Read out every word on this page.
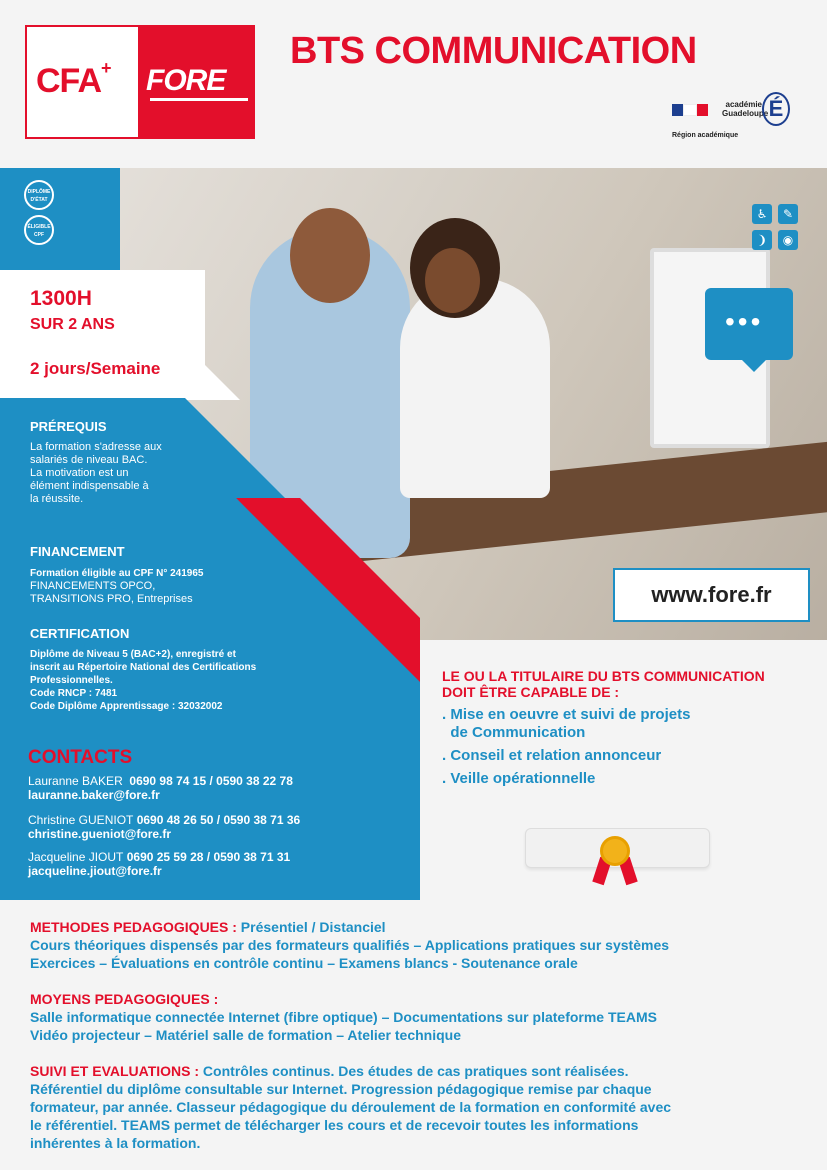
CFA+ FORE
BTS COMMUNICATION
Région académique
académie
Guadeloupe É
DIPLÔME D'ÉTAT
ÉLIGIBLE CPF
1300H
SUR 2 ANS
2 jours/Semaine
PRÉREQUIS
La formation s'adresse aux
salariés de niveau BAC.
La motivation est un
élément indispensable à
la réussite.
FINANCEMENT
Formation éligible au CPF N° 241965
FINANCEMENTS OPCO,
TRANSITIONS PRO, Entreprises
CERTIFICATION
Diplôme de Niveau 5 (BAC+2), enregistré et
inscrit au Répertoire National des Certifications
Professionnelles.
Code RNCP : 7481
Code Diplôme Apprentissage : 32032002
CONTACTS
Lauranne BAKER 0690 98 74 15 / 0590 38 22 78
lauranne.baker@fore.fr
Christine GUENIOT 0690 48 26 50 / 0590 38 71 36
christine.gueniot@fore.fr
Jacqueline JIOUT 0690 25 59 28 / 0590 38 71 31
jacqueline.jiout@fore.fr
♿	✎
❩	◉
•••
www.fore.fr
LE OU LA TITULAIRE DU BTS COMMUNICATION
DOIT ÊTRE CAPABLE DE :
. Mise en oeuvre et suivi de projets
de Communication
. Conseil et relation annonceur
. Veille opérationnelle
METHODES PEDAGOGIQUES : Présentiel / Distanciel
Cours théoriques dispensés par des formateurs qualifiés – Applications pratiques sur systèmes
Exercices – Évaluations en contrôle continu – Examens blancs - Soutenance orale
MOYENS PEDAGOGIQUES :
Salle informatique connectée Internet (fibre optique) – Documentations sur plateforme TEAMS
Vidéo projecteur – Matériel salle de formation – Atelier technique
SUIVI ET EVALUATIONS : Contrôles continus. Des études de cas pratiques sont réalisées.
Référentiel du diplôme consultable sur Internet. Progression pédagogique remise par chaque
formateur, par année. Classeur pédagogique du déroulement de la formation en conformité avec
le référentiel. TEAMS permet de télécharger les cours et de recevoir toutes les informations
inhérentes à la formation.
